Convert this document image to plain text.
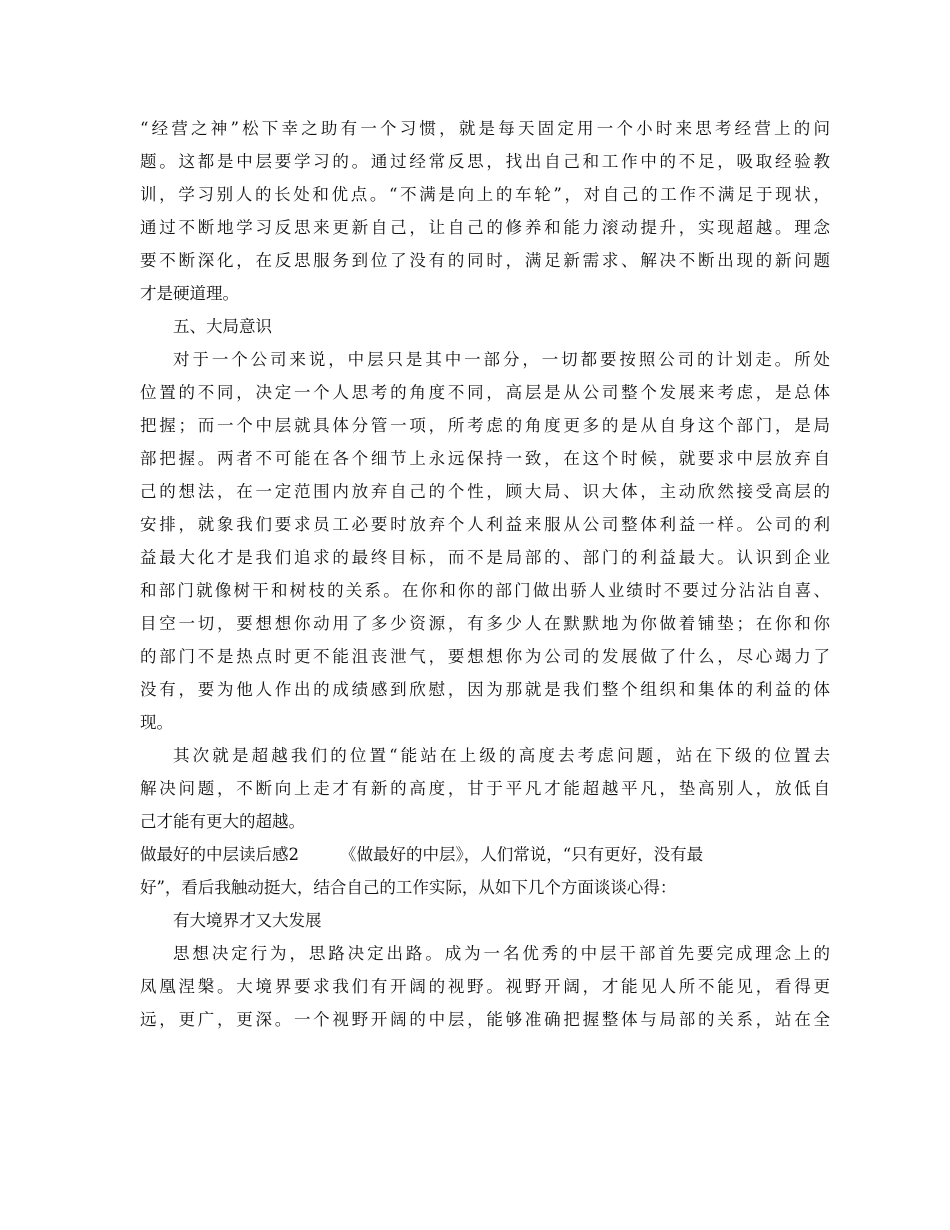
“经营之神”松下幸之助有一个习惯，就是每天固定用一个小时来思考经营上的问
题。这都是中层要学习的。通过经常反思，找出自己和工作中的不足，吸取经验教
训，学习别人的长处和优点。“不满是向上的车轮”，对自己的工作不满足于现状，
通过不断地学习反思来更新自己，让自己的修养和能力滚动提升，实现超越。理念
要不断深化，在反思服务到位了没有的同时，满足新需求、解决不断出现的新问题
才是硬道理。
五、大局意识
对于一个公司来说，中层只是其中一部分，一切都要按照公司的计划走。所处
位置的不同，决定一个人思考的角度不同，高层是从公司整个发展来考虑，是总体
把握；而一个中层就具体分管一项，所考虑的角度更多的是从自身这个部门，是局
部把握。两者不可能在各个细节上永远保持一致，在这个时候，就要求中层放弃自
己的想法，在一定范围内放弃自己的个性，顾大局、识大体，主动欣然接受高层的
安排，就象我们要求员工必要时放弃个人利益来服从公司整体利益一样。公司的利
益最大化才是我们追求的最终目标，而不是局部的、部门的利益最大。认识到企业
和部门就像树干和树枝的关系。在你和你的部门做出骄人业绩时不要过分沾沾自喜、
目空一切，要想想你动用了多少资源，有多少人在默默地为你做着铺垫；在你和你
的部门不是热点时更不能沮丧泄气，要想想你为公司的发展做了什么，尽心竭力了
没有，要为他人作出的成绩感到欣慰，因为那就是我们整个组织和集体的利益的体
现。
其次就是超越我们的位置“能站在上级的高度去考虑问题，站在下级的位置去
解决问题，不断向上走才有新的高度，甘于平凡才能超越平凡，垫高别人，放低自
己才能有更大的超越。
做最好的中层读后感2 《做最好的中层》，人们常说，“只有更好，没有最
好”，看后我触动挺大，结合自己的工作实际，从如下几个方面谈谈心得：
有大境界才又大发展
思想决定行为，思路决定出路。成为一名优秀的中层干部首先要完成理念上的
凤凰涅槃。大境界要求我们有开阔的视野。视野开阔，才能见人所不能见，看得更
远，更广，更深。一个视野开阔的中层，能够准确把握整体与局部的关系，站在全
